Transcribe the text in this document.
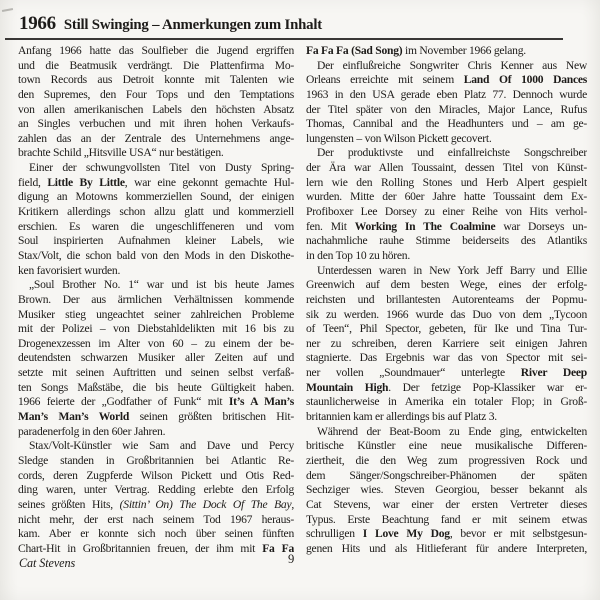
1966 Still Swinging – Anmerkungen zum Inhalt
Anfang 1966 hatte das Soulfieber die Jugend ergriffen
und die Beatmusik verdrängt. Die Plattenfirma Mo-
town Records aus Detroit konnte mit Talenten wie
den Supremes, den Four Tops und den Temptations
von allen amerikanischen Labels den höchsten Absatz
an Singles verbuchen und mit ihren hohen Verkaufs-
zahlen das an der Zentrale des Unternehmens ange-
brachte Schild „Hitsville USA“ nur bestätigen.
Einer der schwungvollsten Titel von Dusty Spring-
field, Little By Little, war eine gekonnt gemachte Hul-
digung an Motowns kommerziellen Sound, der einigen
Kritikern allerdings schon allzu glatt und kommerziell
erschien. Es waren die ungeschliffeneren und vom
Soul inspirierten Aufnahmen kleiner Labels, wie
Stax/Volt, die schon bald von den Mods in den Diskothe-
ken favorisiert wurden.
„Soul Brother No. 1“ war und ist bis heute James
Brown. Der aus ärmlichen Verhältnissen kommende
Musiker stieg ungeachtet seiner zahlreichen Probleme
mit der Polizei – von Diebstahldelikten mit 16 bis zu
Drogenexzessen im Alter von 60 – zu einem der be-
deutendsten schwarzen Musiker aller Zeiten auf und
setzte mit seinen Auftritten und seinen selbst verfaß-
ten Songs Maßstäbe, die bis heute Gültigkeit haben.
1966 feierte der „Godfather of Funk“ mit It’s A Man’s
Man’s Man’s World seinen größten britischen Hit-
paradenerfolg in den 60er Jahren.
Stax/Volt-Künstler wie Sam and Dave und Percy
Sledge standen in Großbritannien bei Atlantic Re-
cords, deren Zugpferde Wilson Pickett und Otis Red-
ding waren, unter Vertrag. Redding erlebte den Erfolg
seines größten Hits, (Sittin’ On) The Dock Of The Bay,
nicht mehr, der erst nach seinem Tod 1967 heraus-
kam. Aber er konnte sich noch über seinen fünften
Chart-Hit in Großbritannien freuen, der ihm mit Fa Fa
Fa Fa Fa (Sad Song) im November 1966 gelang.
Der einflußreiche Songwriter Chris Kenner aus New
Orleans erreichte mit seinem Land Of 1000 Dances
1963 in den USA gerade eben Platz 77. Dennoch wurde
der Titel später von den Miracles, Major Lance, Rufus
Thomas, Cannibal and the Headhunters und – am ge-
lungensten – von Wilson Pickett gecovert.
Der produktivste und einfallreichste Songschreiber
der Ära war Allen Toussaint, dessen Titel von Künst-
lern wie den Rolling Stones und Herb Alpert gespielt
wurden. Mitte der 60er Jahre hatte Toussaint dem Ex-
Profiboxer Lee Dorsey zu einer Reihe von Hits verhol-
fen. Mit Working In The Coalmine war Dorseys un-
nachahmliche rauhe Stimme beiderseits des Atlantiks
in den Top 10 zu hören.
Unterdessen waren in New York Jeff Barry und Ellie
Greenwich auf dem besten Wege, eines der erfolg-
reichsten und brillantesten Autorenteams der Popmu-
sik zu werden. 1966 wurde das Duo von dem „Tycoon
of Teen“, Phil Spector, gebeten, für Ike und Tina Tur-
ner zu schreiben, deren Karriere seit einigen Jahren
stagnierte. Das Ergebnis war das von Spector mit sei-
ner vollen „Soundmauer“ unterlegte River Deep
Mountain High. Der fetzige Pop-Klassiker war er-
staunlicherweise in Amerika ein totaler Flop; in Groß-
britannien kam er allerdings bis auf Platz 3.
Während der Beat-Boom zu Ende ging, entwickelten
britische Künstler eine neue musikalische Differen-
ziertheit, die den Weg zum progressiven Rock und
dem Sänger/Songschreiber-Phänomen der späten
Sechziger wies. Steven Georgiou, besser bekannt als
Cat Stevens, war einer der ersten Vertreter dieses
Typus. Erste Beachtung fand er mit seinem etwas
schrulligen I Love My Dog, bevor er mit selbstgesun-
genen Hits und als Hitlieferant für andere Interpreten,
Cat Stevens	9
